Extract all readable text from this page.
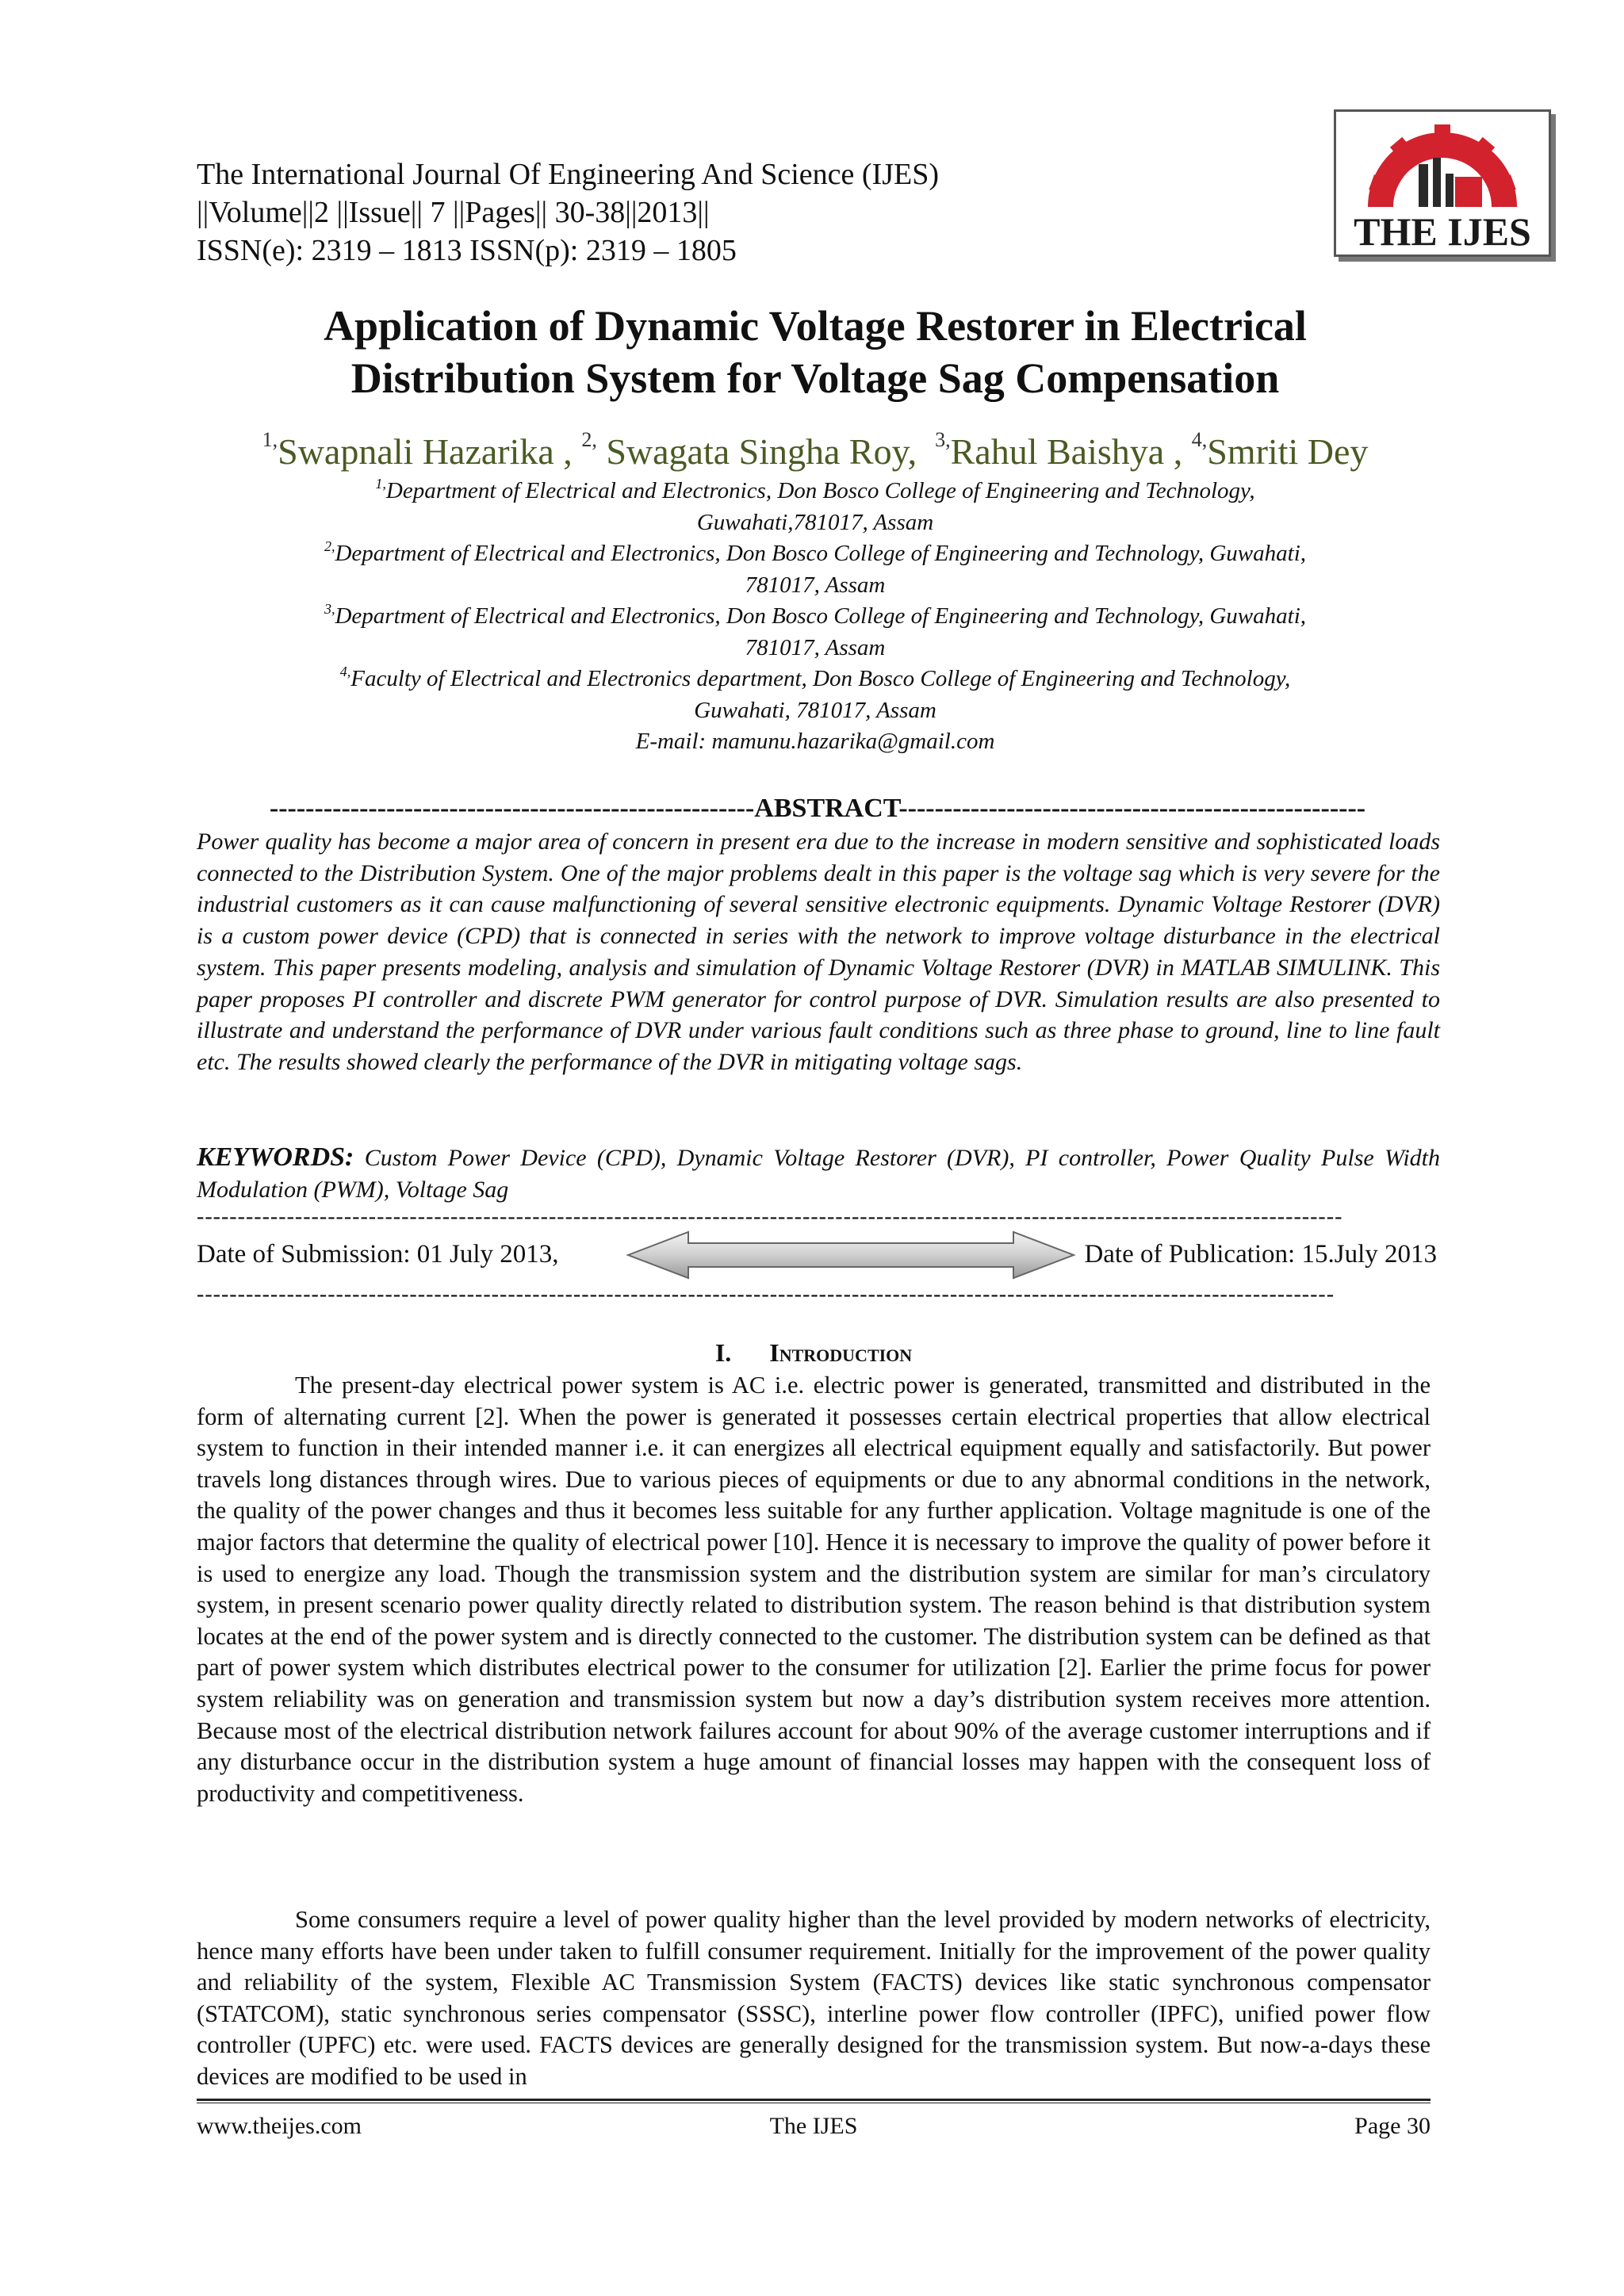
The International Journal Of Engineering And Science (IJES)
||Volume||2 ||Issue|| 7 ||Pages|| 30-38||2013||
ISSN(e): 2319 – 1813 ISSN(p): 2319 – 1805	THE IJES
Application of Dynamic Voltage Restorer in Electrical
Distribution System for Voltage Sag Compensation
$^{1,}$Swapnali Hazarika , $^{2,}$ Swagata Singha Roy, $^{3,}$Rahul Baishya , $^{4,}$Smriti Dey
$^{1,}$Department of Electrical and Electronics, Don Bosco College of Engineering and Technology,
Guwahati,781017, Assam
$^{2,}$Department of Electrical and Electronics, Don Bosco College of Engineering and Technology, Guwahati,
781017, Assam
$^{3,}$Department of Electrical and Electronics, Don Bosco College of Engineering and Technology, Guwahati,
781017, Assam
$^{4,}$Faculty of Electrical and Electronics department, Don Bosco College of Engineering and Technology,
Guwahati, 781017, Assam
E-mail: mamunu.hazarika@gmail.com
------------------------------------------------------ABSTRACT----------------------------------------------------
Power quality has become a major area of concern in present era due to the increase in modern sensitive and sophisticated loads connected to the Distribution System. One of the major problems dealt in this paper is the voltage sag which is very severe for the industrial customers as it can cause malfunctioning of several sensitive electronic equipments. Dynamic Voltage Restorer (DVR) is a custom power device (CPD) that is connected in series with the network to improve voltage disturbance in the electrical system. This paper presents modeling, analysis and simulation of Dynamic Voltage Restorer (DVR) in MATLAB SIMULINK. This paper proposes PI controller and discrete PWM generator for control purpose of DVR. Simulation results are also presented to illustrate and understand the performance of DVR under various fault conditions such as three phase to ground, line to line fault etc. The results showed clearly the performance of the DVR in mitigating voltage sags.
KEYWORDS: Custom Power Device (CPD), Dynamic Voltage Restorer (DVR), PI controller, Power Quality Pulse Width Modulation (PWM), Voltage Sag
--------------------------------------------------------------------------------------------------------------------------------------------
Date of Submission: 01 July 2013,	Date of Publication: 15.July 2013
-------------------------------------------------------------------------------------------------------------------------------------------
I. Introduction

The present-day electrical power system is AC i.e. electric power is generated, transmitted and distributed in the form of alternating current [2]. When the power is generated it possesses certain electrical properties that allow electrical system to function in their intended manner i.e. it can energizes all electrical equipment equally and satisfactorily. But power travels long distances through wires. Due to various pieces of equipments or due to any abnormal conditions in the network, the quality of the power changes and thus it becomes less suitable for any further application. Voltage magnitude is one of the major factors that determine the quality of electrical power [10]. Hence it is necessary to improve the quality of power before it is used to energize any load. Though the transmission system and the distribution system are similar for man’s circulatory system, in present scenario power quality directly related to distribution system. The reason behind is that distribution system locates at the end of the power system and is directly connected to the customer. The distribution system can be defined as that part of power system which distributes electrical power to the consumer for utilization [2]. Earlier the prime focus for power system reliability was on generation and transmission system but now a day’s distribution system receives more attention. Because most of the electrical distribution network failures account for about 90% of the average customer interruptions and if any disturbance occur in the distribution system a huge amount of financial losses may happen with the consequent loss of productivity and competitiveness.

Some consumers require a level of power quality higher than the level provided by modern networks of electricity, hence many efforts have been under taken to fulfill consumer requirement. Initially for the improvement of the power quality and reliability of the system, Flexible AC Transmission System (FACTS) devices like static synchronous compensator (STATCOM), static synchronous series compensator (SSSC), interline power flow controller (IPFC), unified power flow controller (UPFC) etc. were used. FACTS devices are generally designed for the transmission system. But now-a-days these devices are modified to be used in

www.theijes.com	The IJES	Page 30
